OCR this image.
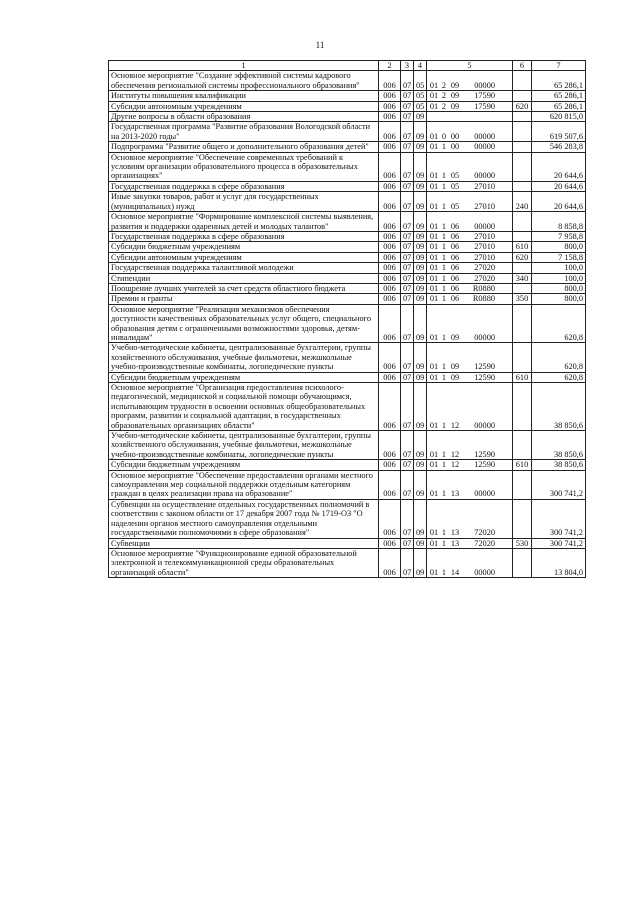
11
1	2	3	4	5	6	7
Основное мероприятие "Создание эффективной системы кадрового обеспечения региональной системы профессионального образования"	006	07	05	01 2 09 00000		65 286,1
Институты повышения квалификации	006	07	05	01 2 09 17590		65 286,1
Субсидии автономным учреждениям	006	07	05	01 2 09 17590	620	65 286,1
Другие вопросы в области образования	006	07	09			620 815,0
Государственная программа "Развитие образования Вологодской области на 2013-2020 годы"	006	07	09	01 0 00 00000		619 507,6
Подпрограмма "Развитие общего и дополнительного образования детей"	006	07	09	01 1 00 00000		546 283,8
Основное мероприятие "Обеспечение современных требований к условиям организации образовательного процесса в образовательных организациях"	006	07	09	01 1 05 00000		20 644,6
Государственная поддержка в сфере образования	006	07	09	01 1 05 27010		20 644,6
Иные закупки товаров, работ и услуг для государственных (муниципальных) нужд	006	07	09	01 1 05 27010	240	20 644,6
Основное мероприятие "Формирование комплексной системы выявления, развития и поддержки одаренных детей и молодых талантов"	006	07	09	01 1 06 00000		8 858,8
Государственная поддержка в сфере образования	006	07	09	01 1 06 27010		7 958,8
Субсидии бюджетным учреждениям	006	07	09	01 1 06 27010	610	800,0
Субсидии автономным учреждениям	006	07	09	01 1 06 27010	620	7 158,8
Государственная поддержка талантливой молодежи	006	07	09	01 1 06 27020		100,0
Стипендии	006	07	09	01 1 06 27020	340	100,0
Поощрение лучших учителей за счет средств областного бюджета	006	07	09	01 1 06 R0880		800,0
Премии и гранты	006	07	09	01 1 06 R0880	350	800,0
Основное мероприятие "Реализация механизмов обеспечения доступности качественных образовательных услуг общего, специального образования детям с ограниченными возможностями здоровья, детям-инвалидам"	006	07	09	01 1 09 00000		620,8
Учебно-методические кабинеты, централизованные бухгалтерии, группы хозяйственного обслуживания, учебные фильмотеки, межшкольные учебно-производственные комбинаты, логопедические пункты	006	07	09	01 1 09 12590		620,8
Субсидии бюджетным учреждениям	006	07	09	01 1 09 12590	610	620,8
Основное мероприятие "Организация предоставления психолого-педагогической, медицинской и социальной помощи обучающимся, испытывающим трудности в освоении основных общеобразовательных программ, развитии и социальной адаптации, в государственных образовательных организациях области"	006	07	09	01 1 12 00000		38 850,6
Учебно-методические кабинеты, централизованные бухгалтерии, группы хозяйственного обслуживания, учебные фильмотеки, межшкольные учебно-производственные комбинаты, логопедические пункты	006	07	09	01 1 12 12590		38 850,6
Субсидии бюджетным учреждениям	006	07	09	01 1 12 12590	610	38 850,6
Основное мероприятие "Обеспечение предоставления органами местного самоуправления мер социальной поддержки отдельным категориям граждан в целях реализации права на образование"	006	07	09	01 1 13 00000		300 741,2
Субвенции на осуществление отдельных государственных полномочий в соответствии с законом области от 17 декабря 2007 года № 1719-ОЗ "О наделении органов местного самоуправления отдельными государственными полномочиями в сфере образования"	006	07	09	01 1 13 72020		300 741,2
Субвенции	006	07	09	01 1 13 72020	530	300 741,2
Основное мероприятие "Функционирование единой образовательной электронной и телекоммуникационной среды образовательных организаций области"	006	07	09	01 1 14 00000		13 804,0
